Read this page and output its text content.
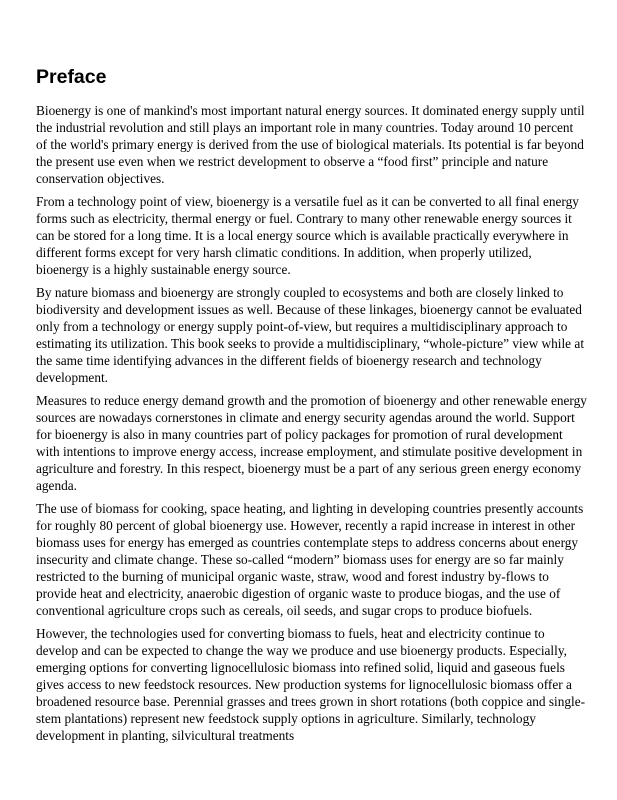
Preface

Bioenergy is one of mankind's most important natural energy sources. It dominated energy supply until the industrial revolution and still plays an important role in many countries. Today around 10 percent of the world's primary energy is derived from the use of biological materials. Its potential is far beyond the present use even when we restrict development to observe a “food first” principle and nature conservation objectives.

From a technology point of view, bioenergy is a versatile fuel as it can be converted to all final energy forms such as electricity, thermal energy or fuel. Contrary to many other renewable energy sources it can be stored for a long time. It is a local energy source which is available practically everywhere in different forms except for very harsh climatic conditions. In addition, when properly utilized, bioenergy is a highly sustainable energy source.

By nature biomass and bioenergy are strongly coupled to ecosystems and both are closely linked to biodiversity and development issues as well. Because of these linkages, bioenergy cannot be evaluated only from a technology or energy supply point-of-view, but requires a multidisciplinary approach to estimating its utilization. This book seeks to provide a multidisciplinary, “whole-picture” view while at the same time identifying advances in the different fields of bioenergy research and technology development.

Measures to reduce energy demand growth and the promotion of bioenergy and other renewable energy sources are nowadays cornerstones in climate and energy security agendas around the world. Support for bioenergy is also in many countries part of policy packages for promotion of rural development with intentions to improve energy access, increase employment, and stimulate positive development in agriculture and forestry. In this respect, bioenergy must be a part of any serious green energy economy agenda.

The use of biomass for cooking, space heating, and lighting in developing countries presently accounts for roughly 80 percent of global bioenergy use. However, recently a rapid increase in interest in other biomass uses for energy has emerged as countries contemplate steps to address concerns about energy insecurity and climate change. These so-called “modern” biomass uses for energy are so far mainly restricted to the burning of municipal organic waste, straw, wood and forest industry by-flows to provide heat and electricity, anaerobic digestion of organic waste to produce biogas, and the use of conventional agriculture crops such as cereals, oil seeds, and sugar crops to produce biofuels.

However, the technologies used for converting biomass to fuels, heat and electricity continue to develop and can be expected to change the way we produce and use bioenergy products. Especially, emerging options for converting lignocellulosic biomass into refined solid, liquid and gaseous fuels gives access to new feedstock resources. New production systems for lignocellulosic biomass offer a broadened resource base. Perennial grasses and trees grown in short rotations (both coppice and single-stem plantations) represent new feedstock supply options in agriculture. Similarly, technology development in planting, silvicultural treatments
